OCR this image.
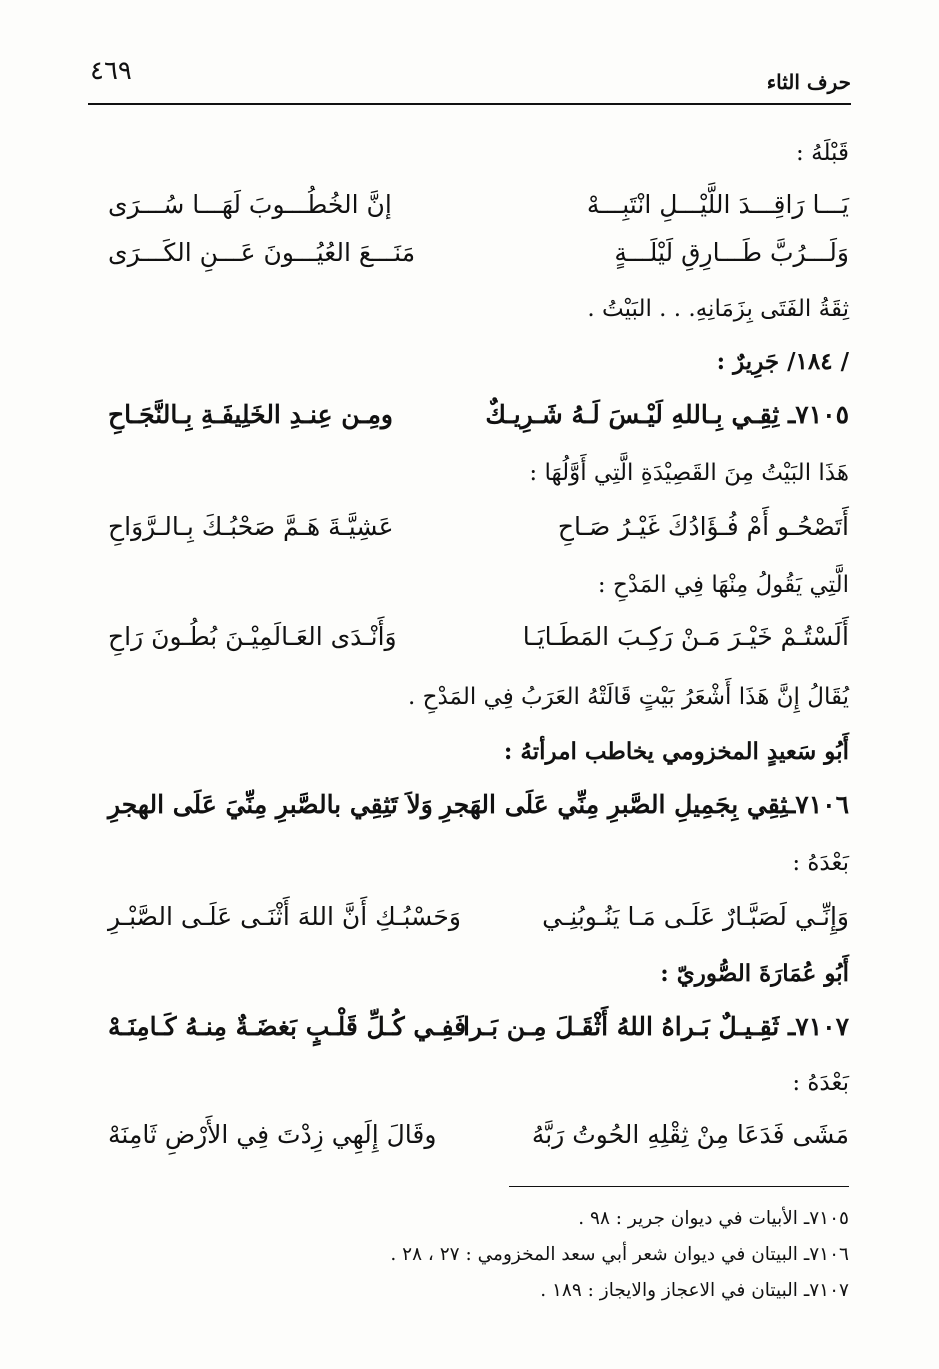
حرف الثاء
٤٦٩
قَبْلَهُ :
يَـــا رَاقِـــدَ اللَّيْـــلِ انْتَبِـــهْ
إنَّ الخُطُـــوبَ لَهَـــا سُـــرَى
وَلَـــرُبَّ طَـــارِقِ لَيْلَـــةٍ
مَنَـــعَ العُيُـــونَ عَـــنِ الكَـــرَى
ثِقَةُ الفَتَى بِزَمَانِهِ. . . البَيْتُ .
/ ١٨٤/ جَرِيرٌ :
٧١٠٥ـ ثِقِـي بِـاللهِ لَيْـسَ لَـهُ شَـرِيـكٌ
ومِـن عِنـدِ الخَلِيفَـةِ بِـالنَّجَـاحِ
هَذَا البَيْتُ مِنَ القَصِيْدَةِ الَّتِي أَوَّلُهَا :
أَتَصْحُـو أَمْ فُـؤَادُكَ غَيْـرُ صَـاحِ
عَشِيَّـةَ هَـمَّ صَحْبُـكَ بِـالـرَّوَاحِ
الَّتِي يَقُولُ مِنْهَا فِي المَدْحِ :
أَلَسْتُـمْ خَيْـرَ مَـنْ رَكِـبَ المَطَـايَـا
وَأَنْـدَى العَـالَمِيْـنَ بُطُـونَ رَاحِ
يُقَالُ إِنَّ هَذَا أَشْعَرُ بَيْتٍ قَالَتْهُ العَرَبُ فِي المَدْحِ .
أَبُو سَعيدٍ المخزومي يخاطب امرأتهُ :
٧١٠٦ـثِقِي بِجَمِيلِ الصَّبرِ مِنِّي عَلَى الهَجرِ
وَلاَ تَثِقِي بالصَّبرِ مِنِّيَ عَلَى الهجرِ
بَعْدَهُ :
وَإِنِّـي لَصَبَّـارٌ عَلَـى مَـا يَنُـوبُنِـي
وَحَسْبُـكِ أَنَّ اللهَ أَثْنَـى عَلَـى الصَّبْـرِ
أَبُو عُمَارَةَ الصُّوريّ :
٧١٠٧ـ ثَقِـيـلٌ بَـراهُ اللهُ أَثْقَـلَ مِـن بَـرا
فَفِـي كُـلِّ قَلْـبٍ بَغضَـةٌ مِنـهُ كَـامِنَـهْ
بَعْدَهُ :
مَشَى فَدَعَا مِنْ ثِقْلِهِ الحُوتُ رَبَّهُ
وقَالَ إِلَهِي زِدْتَ فِي الأَرْضِ ثَامِنَهْ
٧١٠٥ـ الأبيات في ديوان جرير : ٩٨ .
٧١٠٦ـ البيتان في ديوان شعر أبي سعد المخزومي : ٢٧ ، ٢٨ .
٧١٠٧ـ البيتان في الاعجاز والايجاز : ١٨٩ .
